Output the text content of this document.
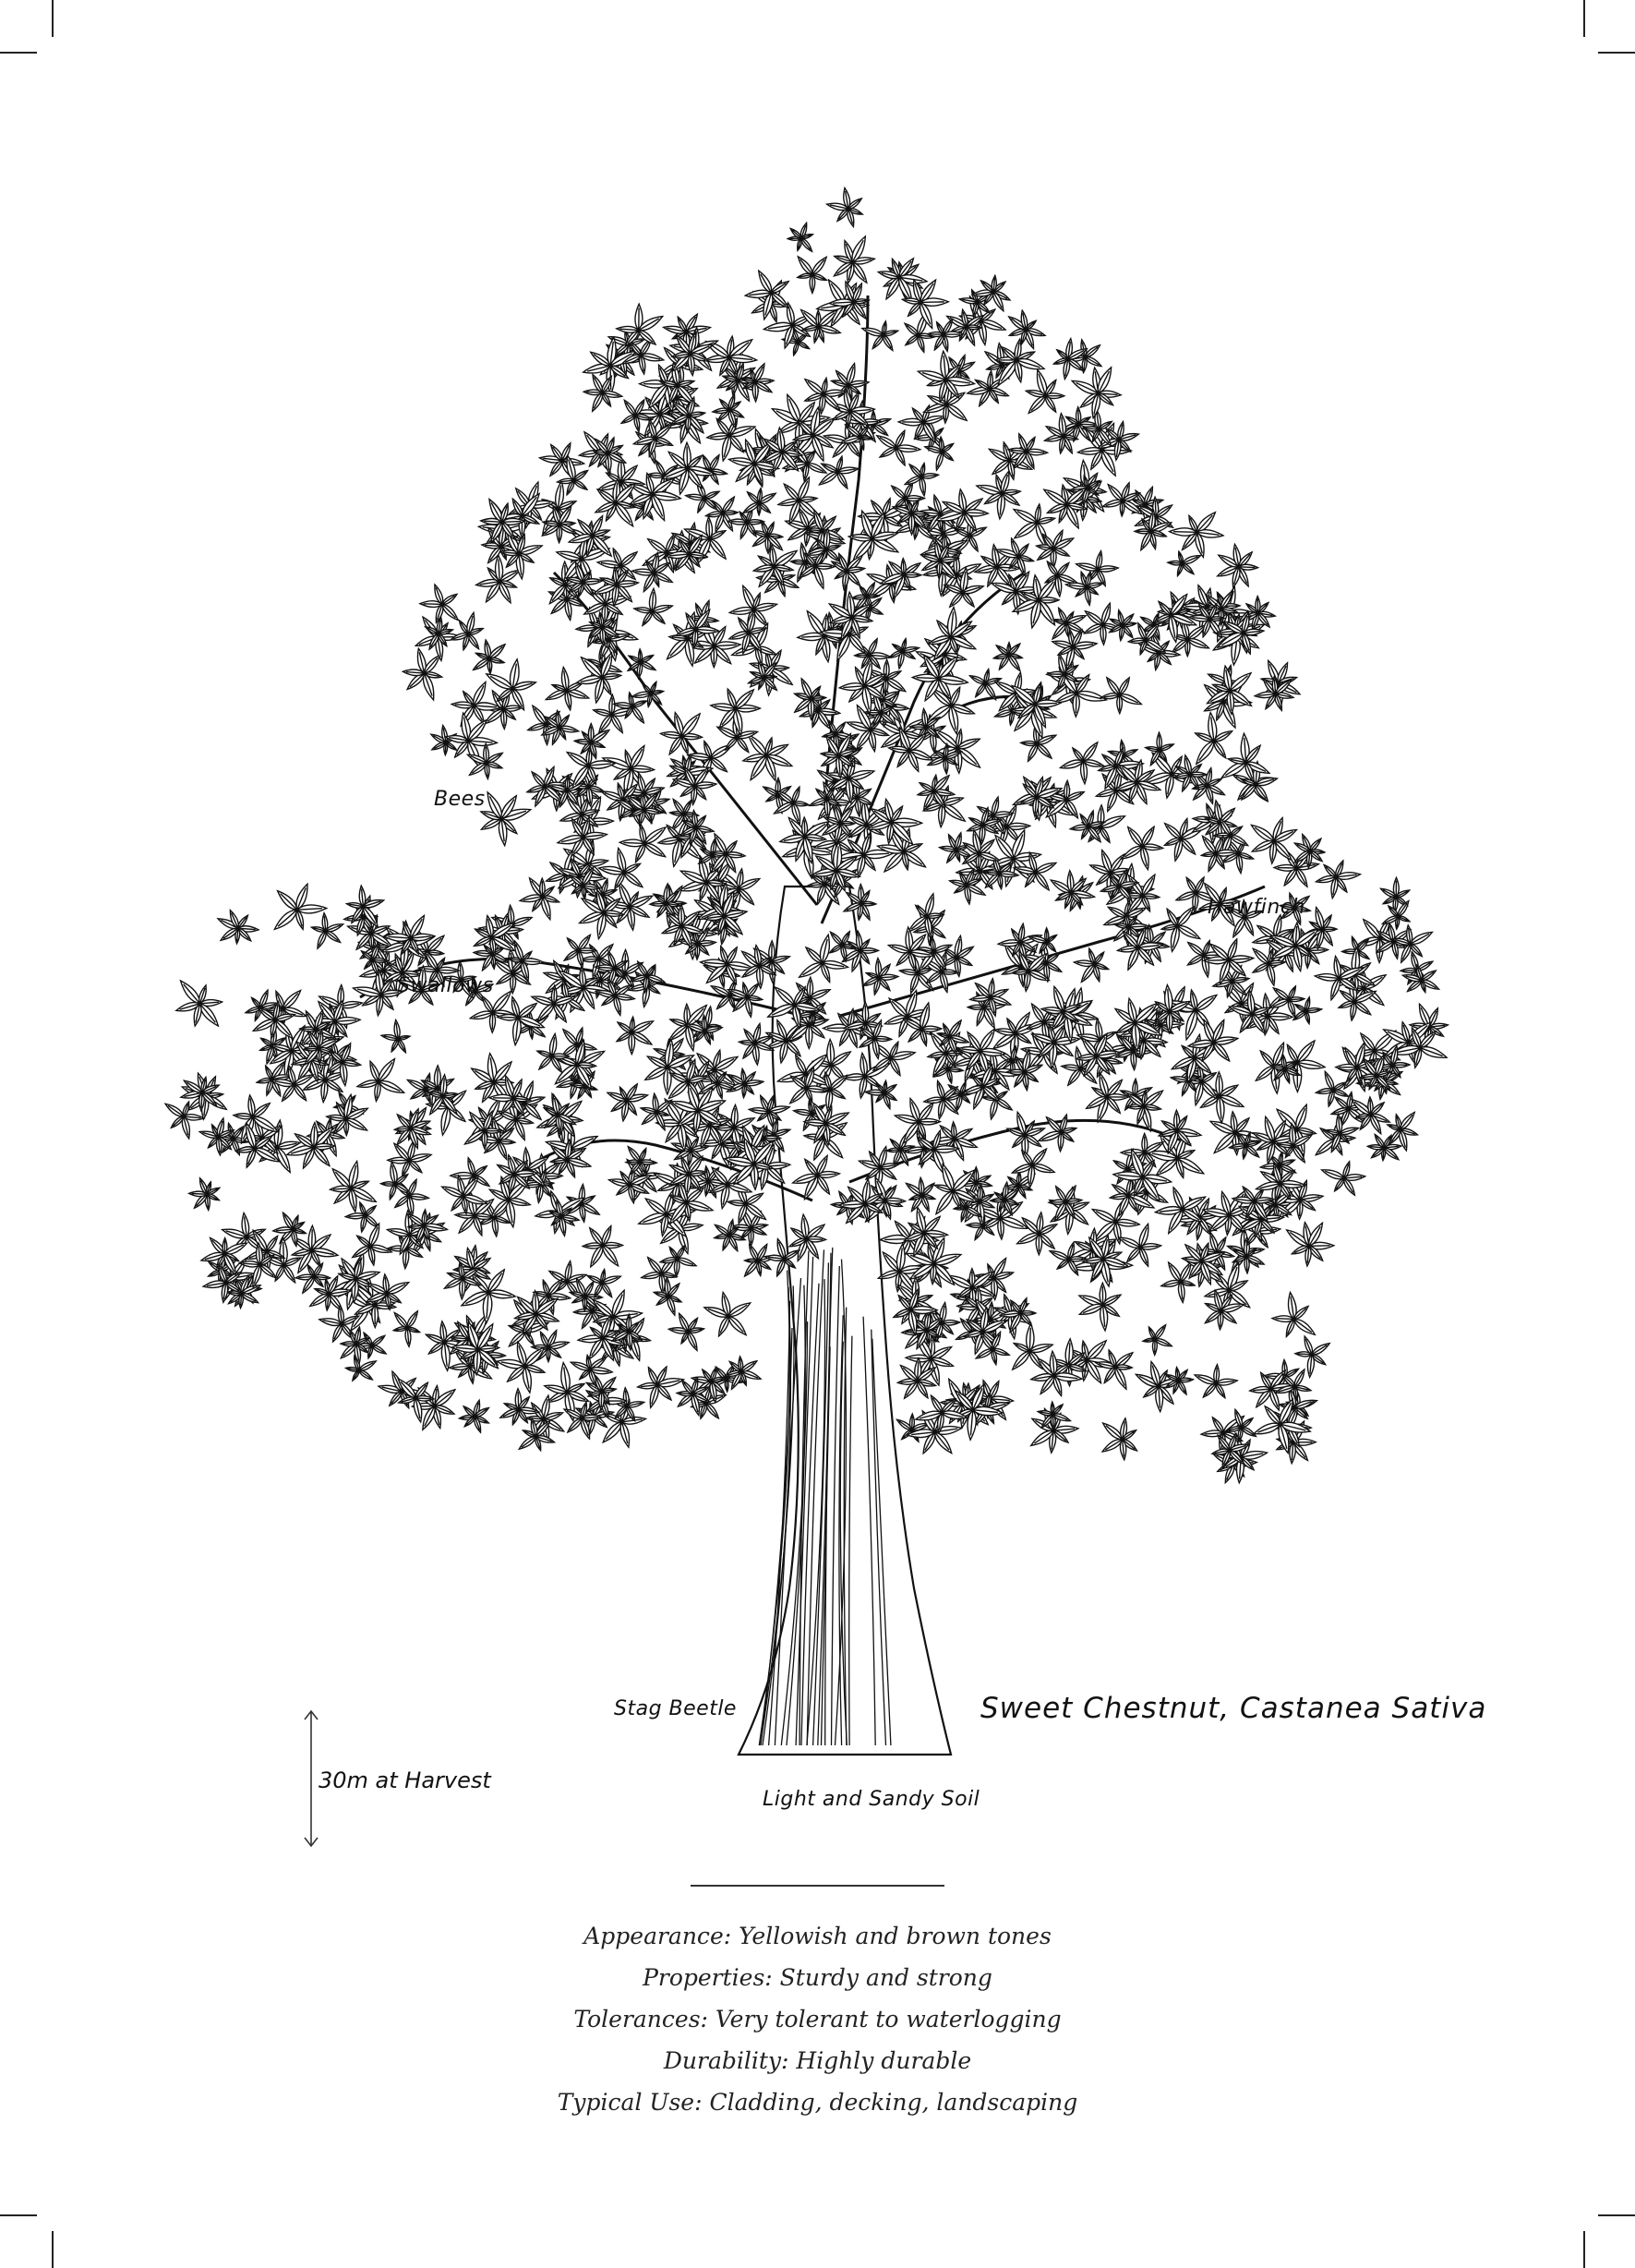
Bees
Hawfinch
Swallows
Stag Beetle
Light and Sandy Soil
Sweet Chestnut, Castanea Sativa
30m at Harvest
Appearance: Yellowish and brown tones
Properties: Sturdy and strong
Tolerances: Very tolerant to waterlogging
Durability: Highly durable
Typical Use: Cladding, decking, landscaping
